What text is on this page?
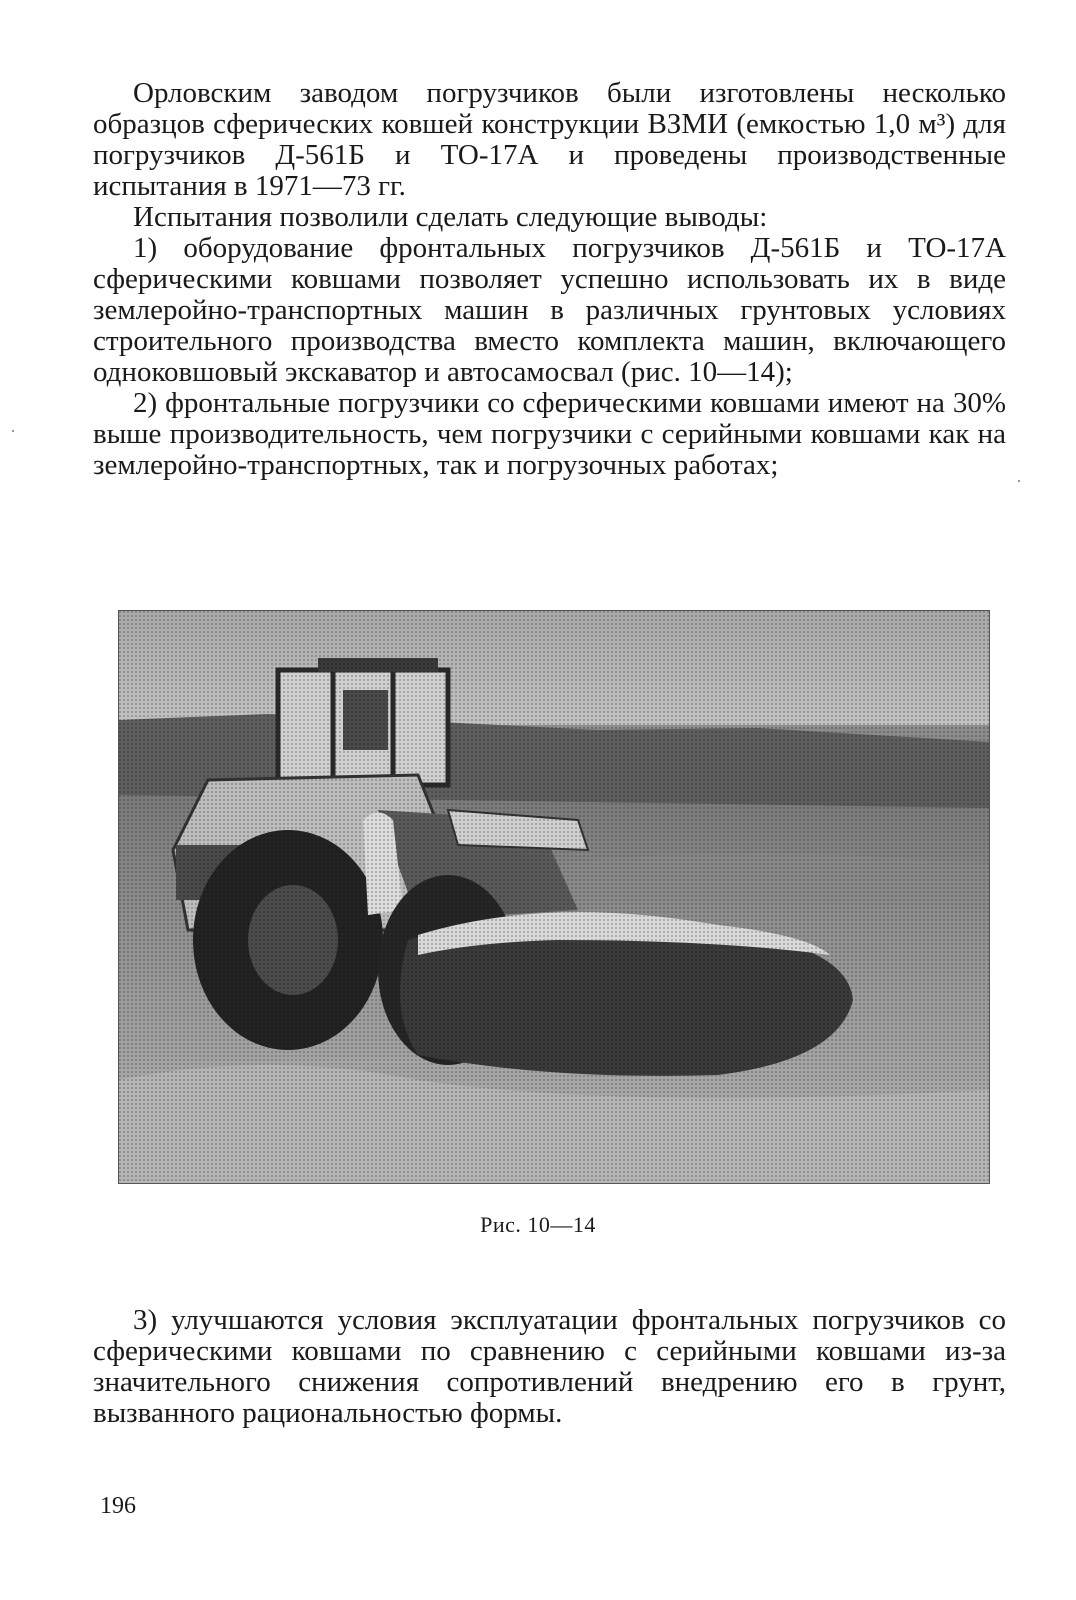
Орловским заводом погрузчиков были изготовлены несколько образцов сферических ковшей конструкции ВЗМИ (емкостью 1,0 м³) для погрузчиков Д-561Б и ТО-17А и проведены производственные испытания в 1971—73 гг.

Испытания позволили сделать следующие выводы:

1) оборудование фронтальных погрузчиков Д-561Б и ТО-17А сферическими ковшами позволяет успешно использовать их в виде землеройно-транспортных машин в различных грунтовых условиях строительного производства вместо комплекта машин, включающего одноковшовый экскаватор и автосамосвал (рис. 10—14);

2) фронтальные погрузчики со сферическими ковшами имеют на 30% выше производительность, чем погрузчики с серийными ковшами как на землеройно-транспортных, так и погрузочных работах;

Рис. 10—14

3) улучшаются условия эксплуатации фронтальных погрузчиков со сферическими ковшами по сравнению с серийными ковшами из-за значительного снижения сопротивлений внедрению его в грунт, вызванного рациональностью формы.

196
